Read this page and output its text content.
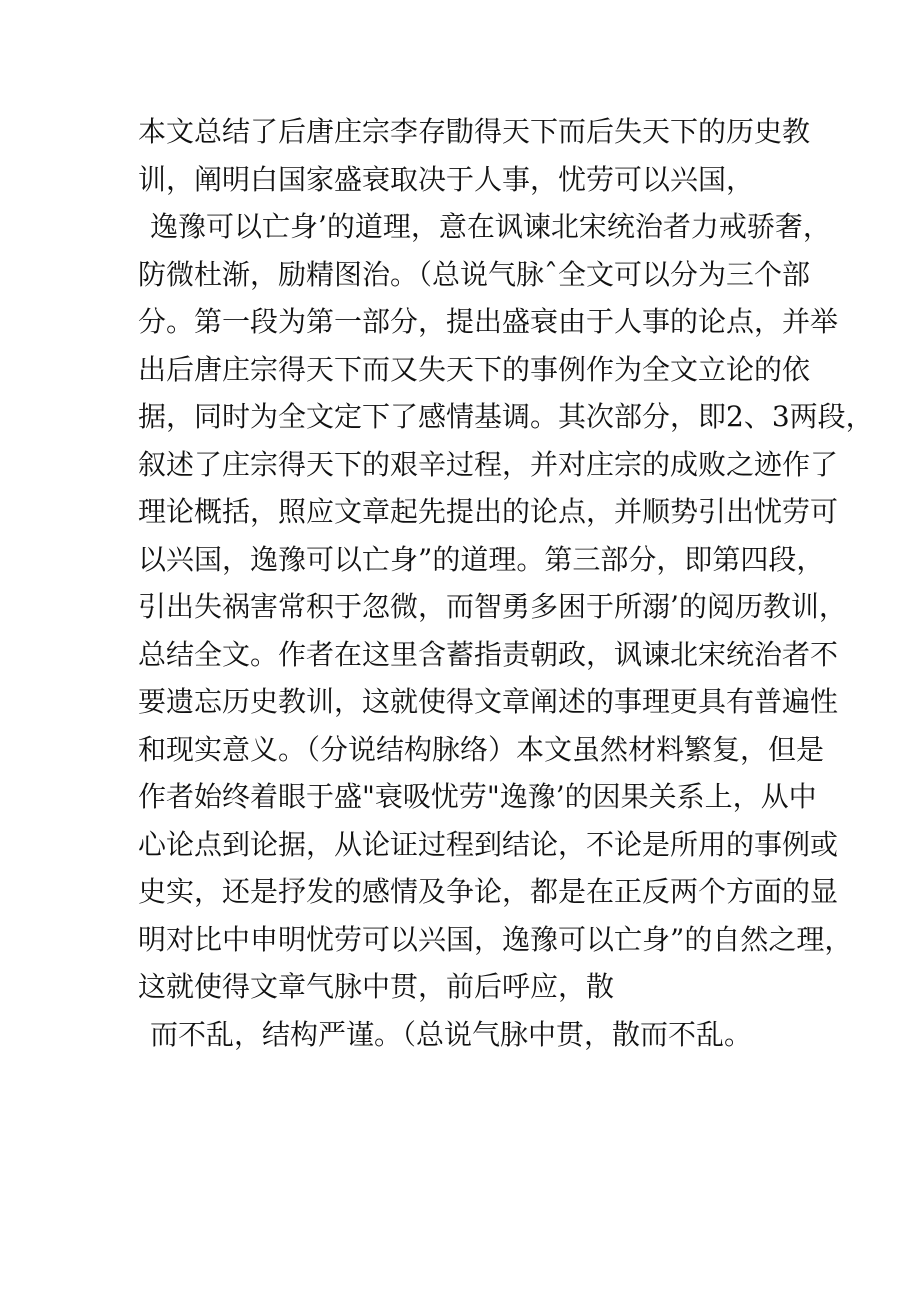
本文总结了后唐庄宗李存勖得天下而后失天下的历史教
训，阐明白国家盛衰取决于人事，忧劳可以兴国，
逸豫可以亡身’的道理，意在讽谏北宋统治者力戒骄奢，
防微杜渐，励精图治。（总说气脉ˆ全文可以分为三个部
分。第一段为第一部分，提出盛衰由于人事的论点，并举
出后唐庄宗得天下而又失天下的事例作为全文立论的依
据，同时为全文定下了感情基调。其次部分，即2、3两段，
叙述了庄宗得天下的艰辛过程，并对庄宗的成败之迹作了
理论概括，照应文章起先提出的论点，并顺势引出忧劳可
以兴国，逸豫可以亡身”的道理。第三部分，即第四段，
引出失祸害常积于忽微，而智勇多困于所溺’的阅历教训，
总结全文。作者在这里含蓄指责朝政，讽谏北宋统治者不
要遗忘历史教训，这就使得文章阐述的事理更具有普遍性
和现实意义。（分说结构脉络）本文虽然材料繁复，但是
作者始终着眼于盛"衰吸忧劳"逸豫’的因果关系上，从中
心论点到论据，从论证过程到结论，不论是所用的事例或
史实，还是抒发的感情及争论，都是在正反两个方面的显
明对比中申明忧劳可以兴国，逸豫可以亡身”的自然之理，
这就使得文章气脉中贯，前后呼应，散
而不乱，结构严谨。（总说气脉中贯，散而不乱。
